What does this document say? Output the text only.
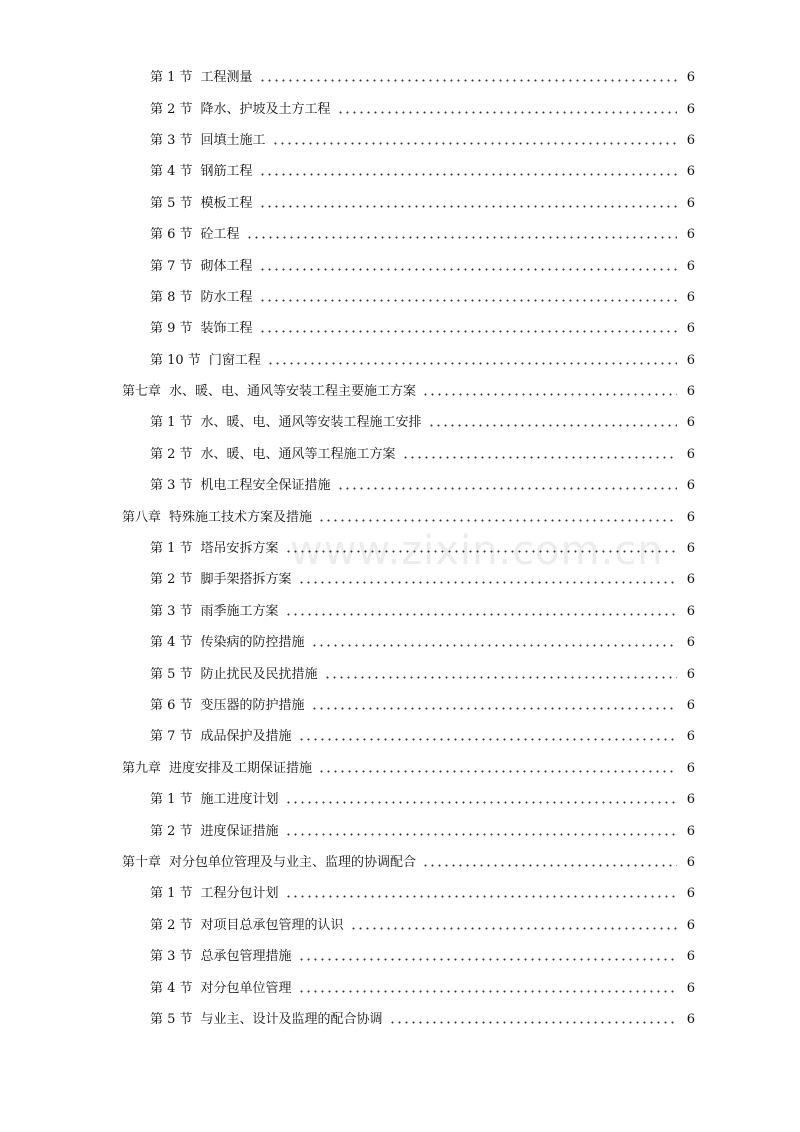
www.zixin.com.cn
第 1 节 工程测量	6
第 2 节 降水、护坡及土方工程	6
第 3 节 回填土施工	6
第 4 节 钢筋工程	6
第 5 节 模板工程	6
第 6 节 砼工程	6
第 7 节 砌体工程	6
第 8 节 防水工程	6
第 9 节 装饰工程	6
第 10 节 门窗工程	6
第七章 水、暖、电、通风等安装工程主要施工方案	6
第 1 节 水、暖、电、通风等安装工程施工安排	6
第 2 节 水、暖、电、通风等工程施工方案	6
第 3 节 机电工程安全保证措施	6
第八章 特殊施工技术方案及措施	6
第 1 节 塔吊安拆方案	6
第 2 节 脚手架搭拆方案	6
第 3 节 雨季施工方案	6
第 4 节 传染病的防控措施	6
第 5 节 防止扰民及民扰措施	6
第 6 节 变压器的防护措施	6
第 7 节 成品保护及措施	6
第九章 进度安排及工期保证措施	6
第 1 节 施工进度计划	6
第 2 节 进度保证措施	6
第十章 对分包单位管理及与业主、监理的协调配合	6
第 1 节 工程分包计划	6
第 2 节 对项目总承包管理的认识	6
第 3 节 总承包管理措施	6
第 4 节 对分包单位管理	6
第 5 节 与业主、设计及监理的配合协调	6
